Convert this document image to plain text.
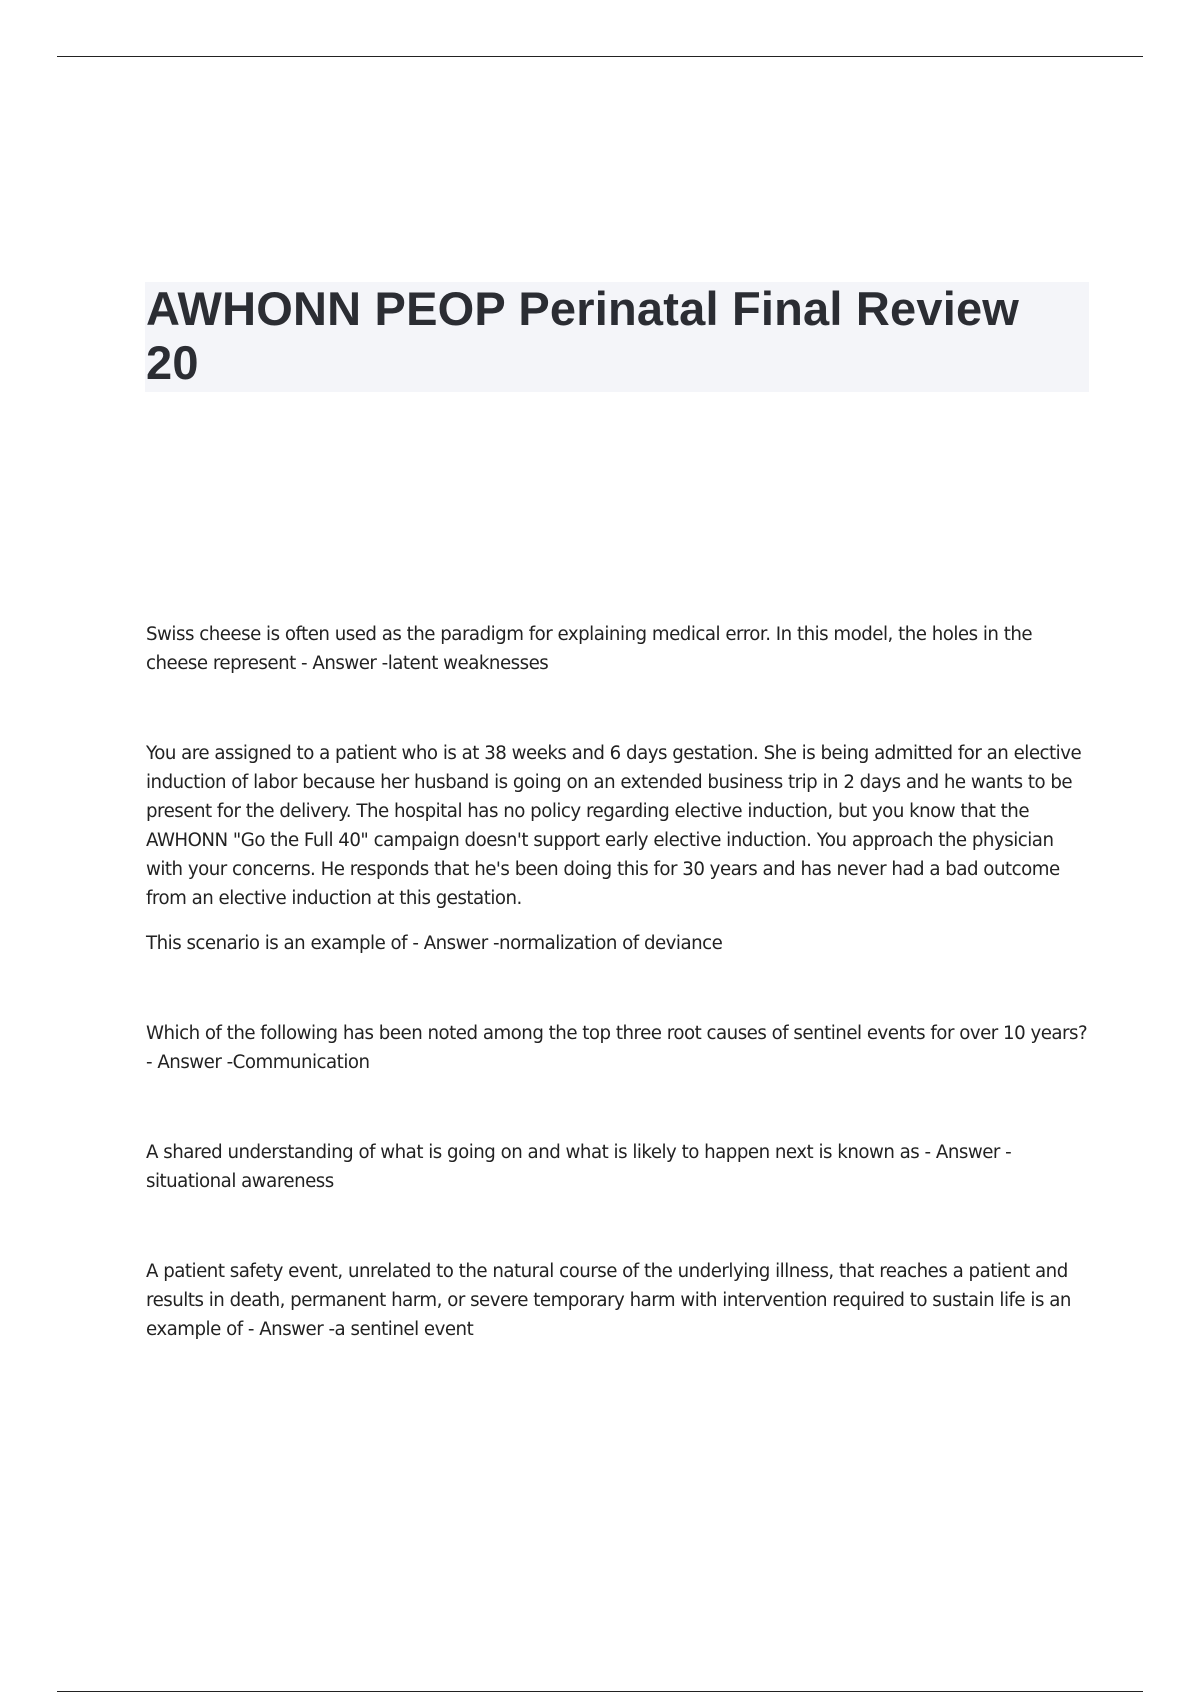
AWHONN PEOP Perinatal Final Review
20

Swiss cheese is often used as the paradigm for explaining medical error. In this model, the holes in the cheese represent - Answer -latent weaknesses

You are assigned to a patient who is at 38 weeks and 6 days gestation. She is being admitted for an elective induction of labor because her husband is going on an extended business trip in 2 days and he wants to be present for the delivery. The hospital has no policy regarding elective induction, but you know that the AWHONN "Go the Full 40" campaign doesn't support early elective induction. You approach the physician with your concerns. He responds that he's been doing this for 30 years and has never had a bad outcome from an elective induction at this gestation.

This scenario is an example of - Answer -normalization of deviance

Which of the following has been noted among the top three root causes of sentinel events for over 10 years? - Answer -Communication

A shared understanding of what is going on and what is likely to happen next is known as - Answer - situational awareness

A patient safety event, unrelated to the natural course of the underlying illness, that reaches a patient and results in death, permanent harm, or severe temporary harm with intervention required to sustain life is an example of - Answer -a sentinel event
